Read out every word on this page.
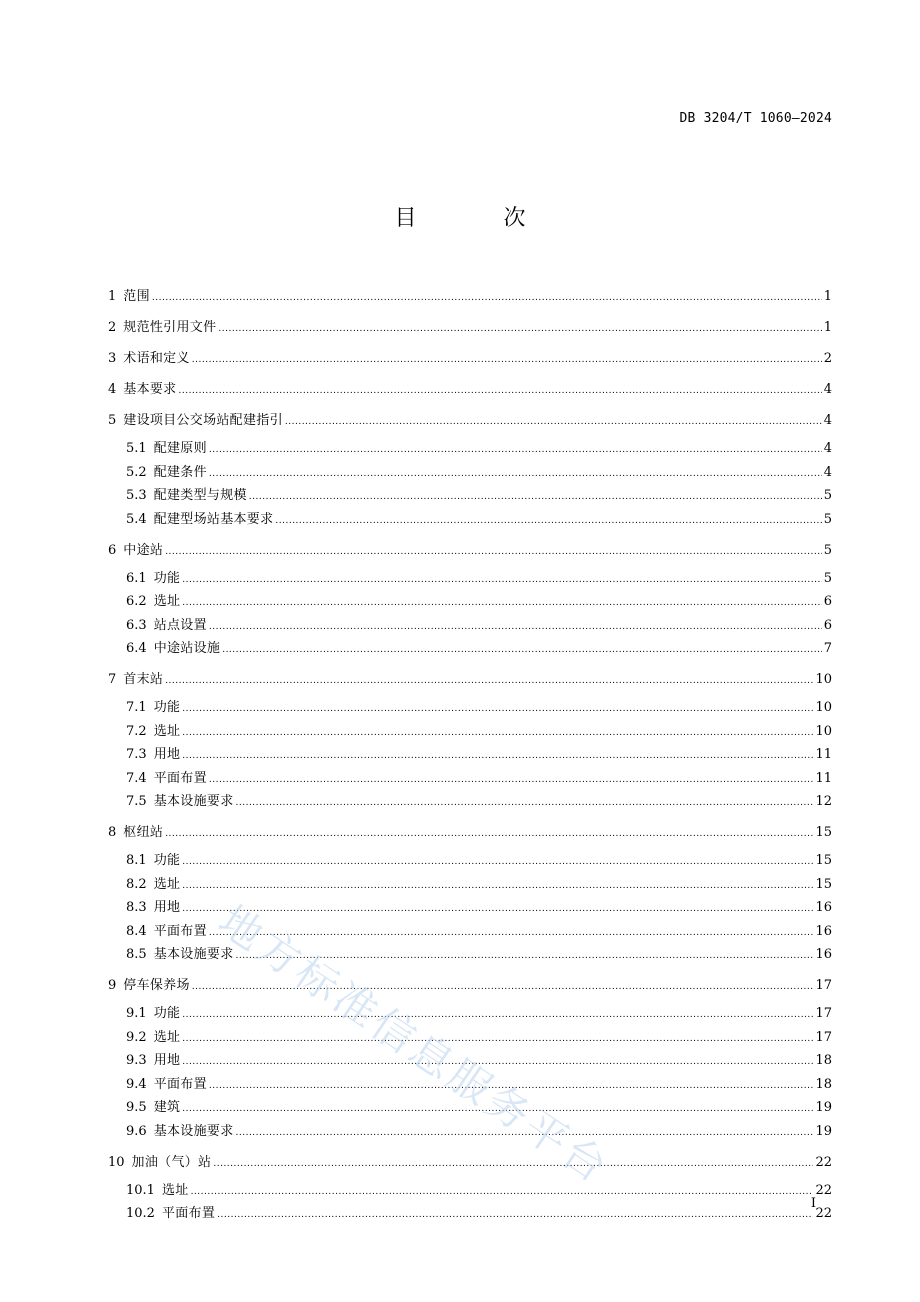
DB 3204/T 1060—2024
目 次
1 范围 .....	1
2 规范性引用文件 .....	1
3 术语和定义 .....	2
4 基本要求 .....	4
5 建设项目公交场站配建指引 .....	4
5.1 配建原则 .....	4
5.2 配建条件 .....	4
5.3 配建类型与规模 .....	5
5.4 配建型场站基本要求 .....	5
6 中途站 .....	5
6.1 功能 .....	5
6.2 选址 .....	6
6.3 站点设置 .....	6
6.4 中途站设施 .....	7
7 首末站 .....	10
7.1 功能 .....	10
7.2 选址 .....	10
7.3 用地 .....	11
7.4 平面布置 .....	11
7.5 基本设施要求 .....	12
8 枢纽站 .....	15
8.1 功能 .....	15
8.2 选址 .....	15
8.3 用地 .....	16
8.4 平面布置 .....	16
8.5 基本设施要求 .....	16
9 停车保养场 .....	17
9.1 功能 .....	17
9.2 选址 .....	17
9.3 用地 .....	18
9.4 平面布置 .....	18
9.5 建筑 .....	19
9.6 基本设施要求 .....	19
10 加油（气）站 .....	22
10.1 选址 .....	22
10.2 平面布置 .....	22
地方标准信息服务平台
I
